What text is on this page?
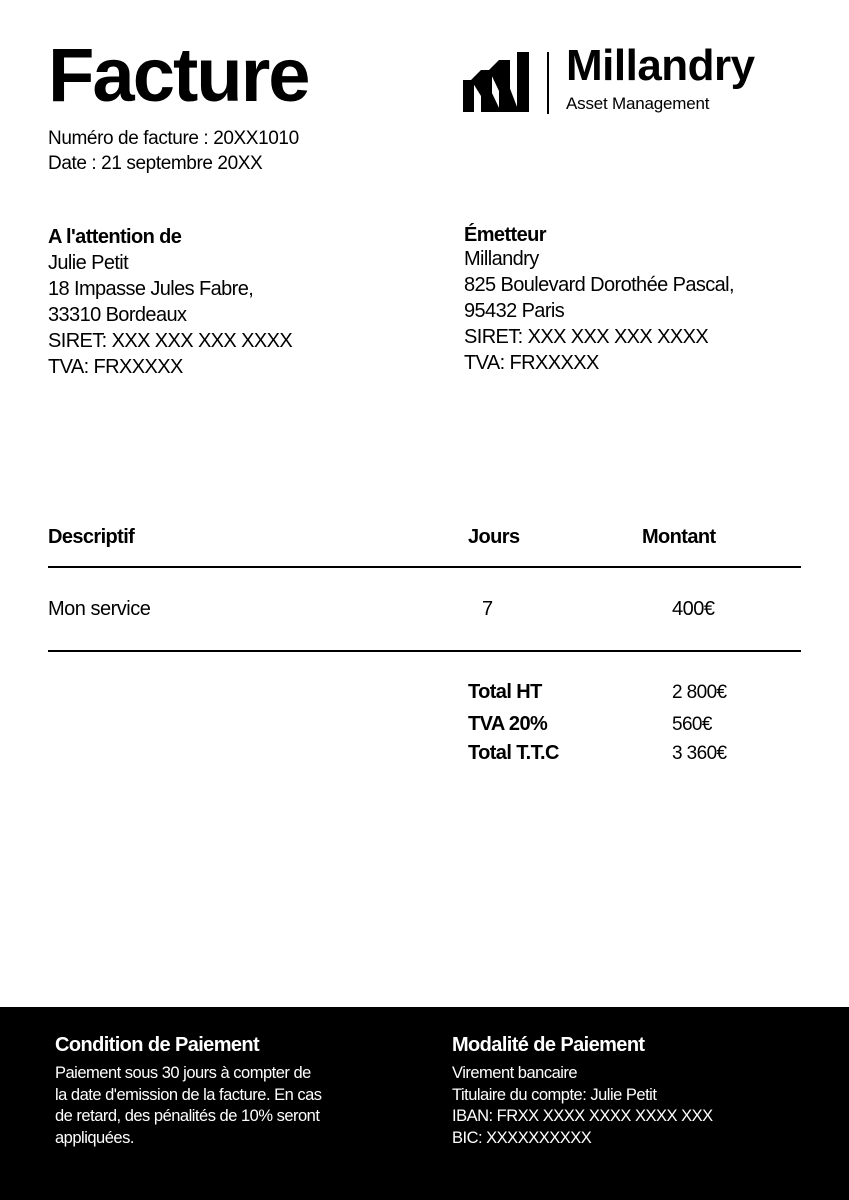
Facture
Numéro de facture : 20XX1010
Date : 21 septembre 20XX
Millandry
Asset Management
A l'attention de
Julie Petit
18 Impasse Jules Fabre,
33310 Bordeaux
SIRET: XXX XXX XXX XXXX
TVA: FRXXXXX
Émetteur
Millandry
825 Boulevard Dorothée Pascal,
95432 Paris
SIRET: XXX XXX XXX XXXX
TVA: FRXXXXX
Descriptif	Jours	Montant
Mon service	7	400€
Total HT	2 800€
TVA 20%	560€
Total T.T.C	3 360€
Condition de Paiement
Paiement sous 30 jours à compter de
la date d'emission de la facture. En cas
de retard, des pénalités de 10% seront
appliquées.
Modalité de Paiement
Virement bancaire
Titulaire du compte: Julie Petit
IBAN: FRXX XXXX XXXX XXXX XXX
BIC: XXXXXXXXXX
